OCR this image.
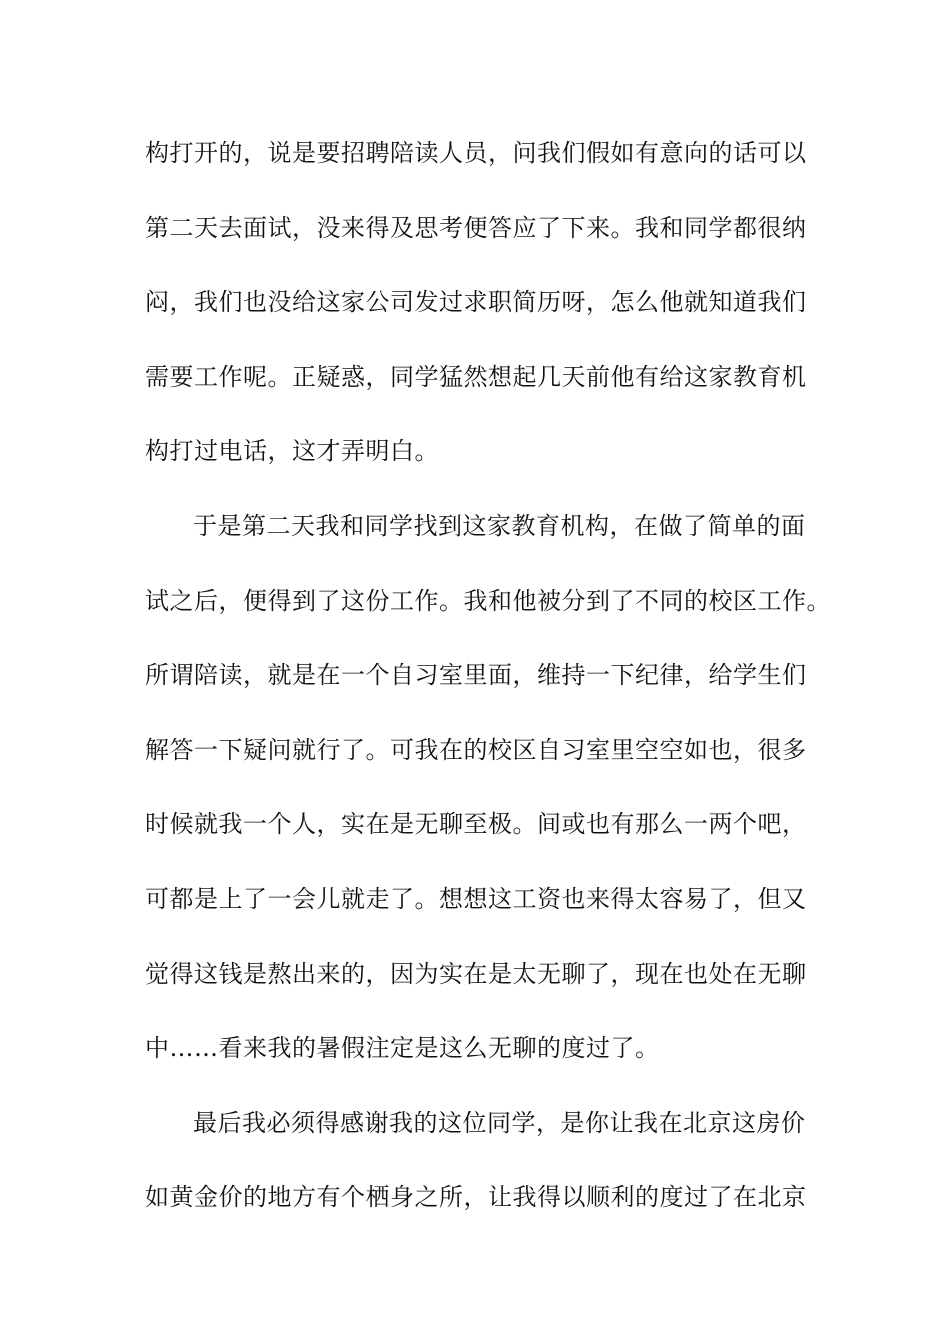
构打开的，说是要招聘陪读人员，问我们假如有意向的话可以
第二天去面试，没来得及思考便答应了下来。我和同学都很纳
闷，我们也没给这家公司发过求职简历呀，怎么他就知道我们
需要工作呢。正疑惑，同学猛然想起几天前他有给这家教育机
构打过电话，这才弄明白。
于是第二天我和同学找到这家教育机构，在做了简单的面
试之后，便得到了这份工作。我和他被分到了不同的校区工作。
所谓陪读，就是在一个自习室里面，维持一下纪律，给学生们
解答一下疑问就行了。可我在的校区自习室里空空如也，很多
时候就我一个人，实在是无聊至极。间或也有那么一两个吧，
可都是上了一会儿就走了。想想这工资也来得太容易了，但又
觉得这钱是熬出来的，因为实在是太无聊了，现在也处在无聊
中……看来我的暑假注定是这么无聊的度过了。
最后我必须得感谢我的这位同学，是你让我在北京这房价
如黄金价的地方有个栖身之所，让我得以顺利的度过了在北京
